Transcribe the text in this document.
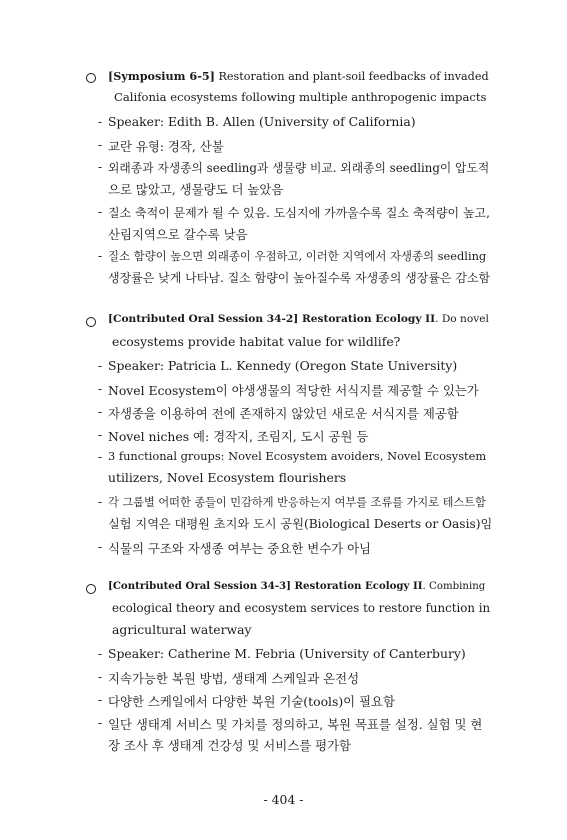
[Symposium 6-5] Restoration and plant-soil feedbacks of invaded
Califonia ecosystems following multiple anthropogenic impacts
- Speaker: Edith B. Allen (University of California)
- 교란 유형: 경작, 산불
- 외래종과 자생종의 seedling과 생물량 비교. 외래종의 seedling이 압도적
으로 많았고, 생물량도 더 높았음
- 질소 축적이 문제가 될 수 있음. 도심지에 가까울수록 질소 축적량이 높고,
산림지역으로 갈수록 낮음
- 질소 함량이 높으면 외래종이 우점하고, 이러한 지역에서 자생종의 seedling
생장률은 낮게 나타남. 질소 함량이 높아질수록 자생종의 생장률은 감소함
[Contributed Oral Session 34-2] Restoration Ecology II. Do novel
ecosystems provide habitat value for wildlife?
- Speaker: Patricia L. Kennedy (Oregon State University)
- Novel Ecosystem이 야생생물의 적당한 서식지를 제공할 수 있는가
- 자생종을 이용하여 전에 존재하지 않았던 새로운 서식지를 제공함
- Novel niches 예: 경작지, 조림지, 도시 공원 등
- 3 functional groups: Novel Ecosystem avoiders, Novel Ecosystem
utilizers, Novel Ecosystem flourishers
- 각 그룹별 어떠한 종들이 민감하게 반응하는지 여부를 조류를 가지로 테스트함
실험 지역은 대평원 초지와 도시 공원(Biological Deserts or Oasis)임
- 식물의 구조와 자생종 여부는 중요한 변수가 아님
[Contributed Oral Session 34-3] Restoration Ecology II. Combining
ecological theory and ecosystem services to restore function in
agricultural waterway
- Speaker: Catherine M. Febria (University of Canterbury)
- 지속가능한 복원 방법, 생태계 스케일과 온전성
- 다양한 스케일에서 다양한 복원 기술(tools)이 필요함
- 일단 생태계 서비스 및 가치를 정의하고, 복원 목표를 설정. 실험 및 현
장 조사 후 생태계 건강성 및 서비스를 평가함
- 404 -
